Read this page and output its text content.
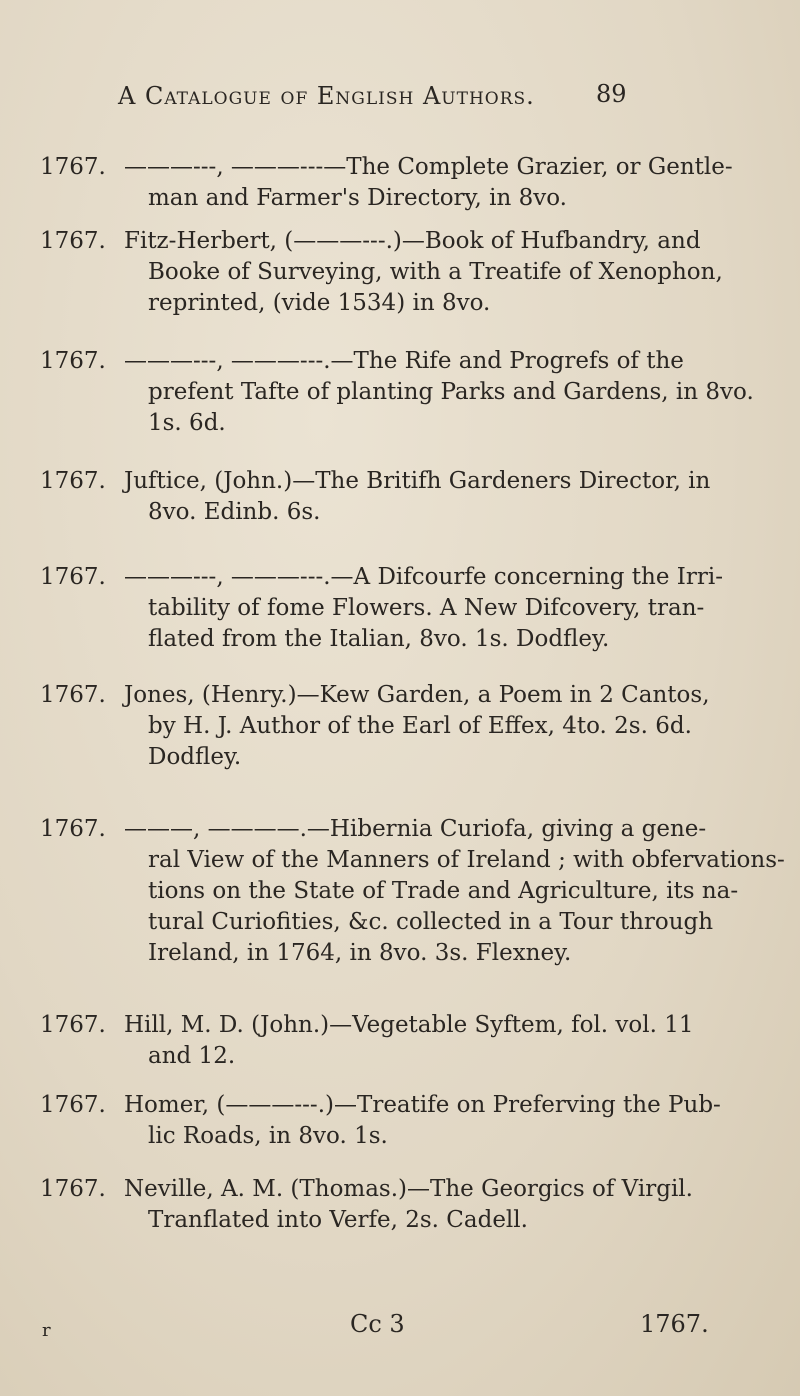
A Catalogue of English Authors.	89
1767. ———---, ———---—The Complete Grazier, or Gentle-
man and Farmer's Directory, in 8vo.
1767. Fitz-Herbert, (———---.)—Book of Hufbandry, and
Booke of Surveying, with a Treatife of Xenophon,
reprinted, (vide 1534) in 8vo.
1767. ———---, ———---.—The Rife and Progrefs of the
prefent Tafte of planting Parks and Gardens, in 8vo.
1s. 6d.
1767. Juftice, (John.)—The Britifh Gardeners Director, in
8vo. Edinb. 6s.
1767. ———---, ———---.—A Difcourfe concerning the Irri-
tability of fome Flowers. A New Difcovery, tran-
flated from the Italian, 8vo. 1s. Dodfley.
1767. Jones, (Henry.)—Kew Garden, a Poem in 2 Cantos,
by H. J. Author of the Earl of Effex, 4to. 2s. 6d.
Dodfley.
1767. ———, ————.—Hibernia Curiofa, giving a gene-
ral View of the Manners of Ireland ; with obfervations-
tions on the State of Trade and Agriculture, its na-
tural Curiofities, &c. collected in a Tour through
Ireland, in 1764, in 8vo. 3s. Flexney.
1767. Hill, M. D. (John.)—Vegetable Syftem, fol. vol. 11
and 12.
1767. Homer, (———---.)—Treatife on Preferving the Pub-
lic Roads, in 8vo. 1s.
1767. Neville, A. M. (Thomas.)—The Georgics of Virgil.
Tranflated into Verfe, 2s. Cadell.
r	Cc 3	1767.
